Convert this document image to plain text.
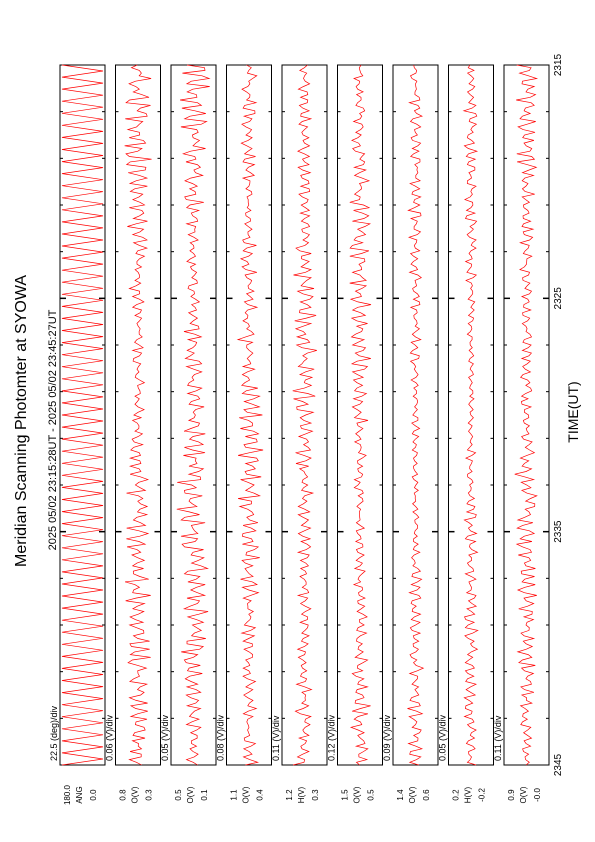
Meridian Scanning Photomter at SYOWA 2025 05/02 23:15:28UT - 2025 05/02 23:45:27UT	TIME(UT)
180.0 ANG 0.0
22.5 (deg)/div
0.8 O(V) 0.3
0.06 (V)/div
0.5 O(V) 0.1
0.05 (V)/div
1.1 O(V) 0.4
0.08 (V)/div
1.2 H(V) 0.3
0.11 (V)/div
1.5 O(V) 0.5
0.12 (V)/div
1.4 O(V) 0.6
0.09 (V)/div
0.2 H(V) -0.2
0.05 (V)/div
0.9 O(V) -0.0
0.11 (V)/div
2315
2325
2335
2345
